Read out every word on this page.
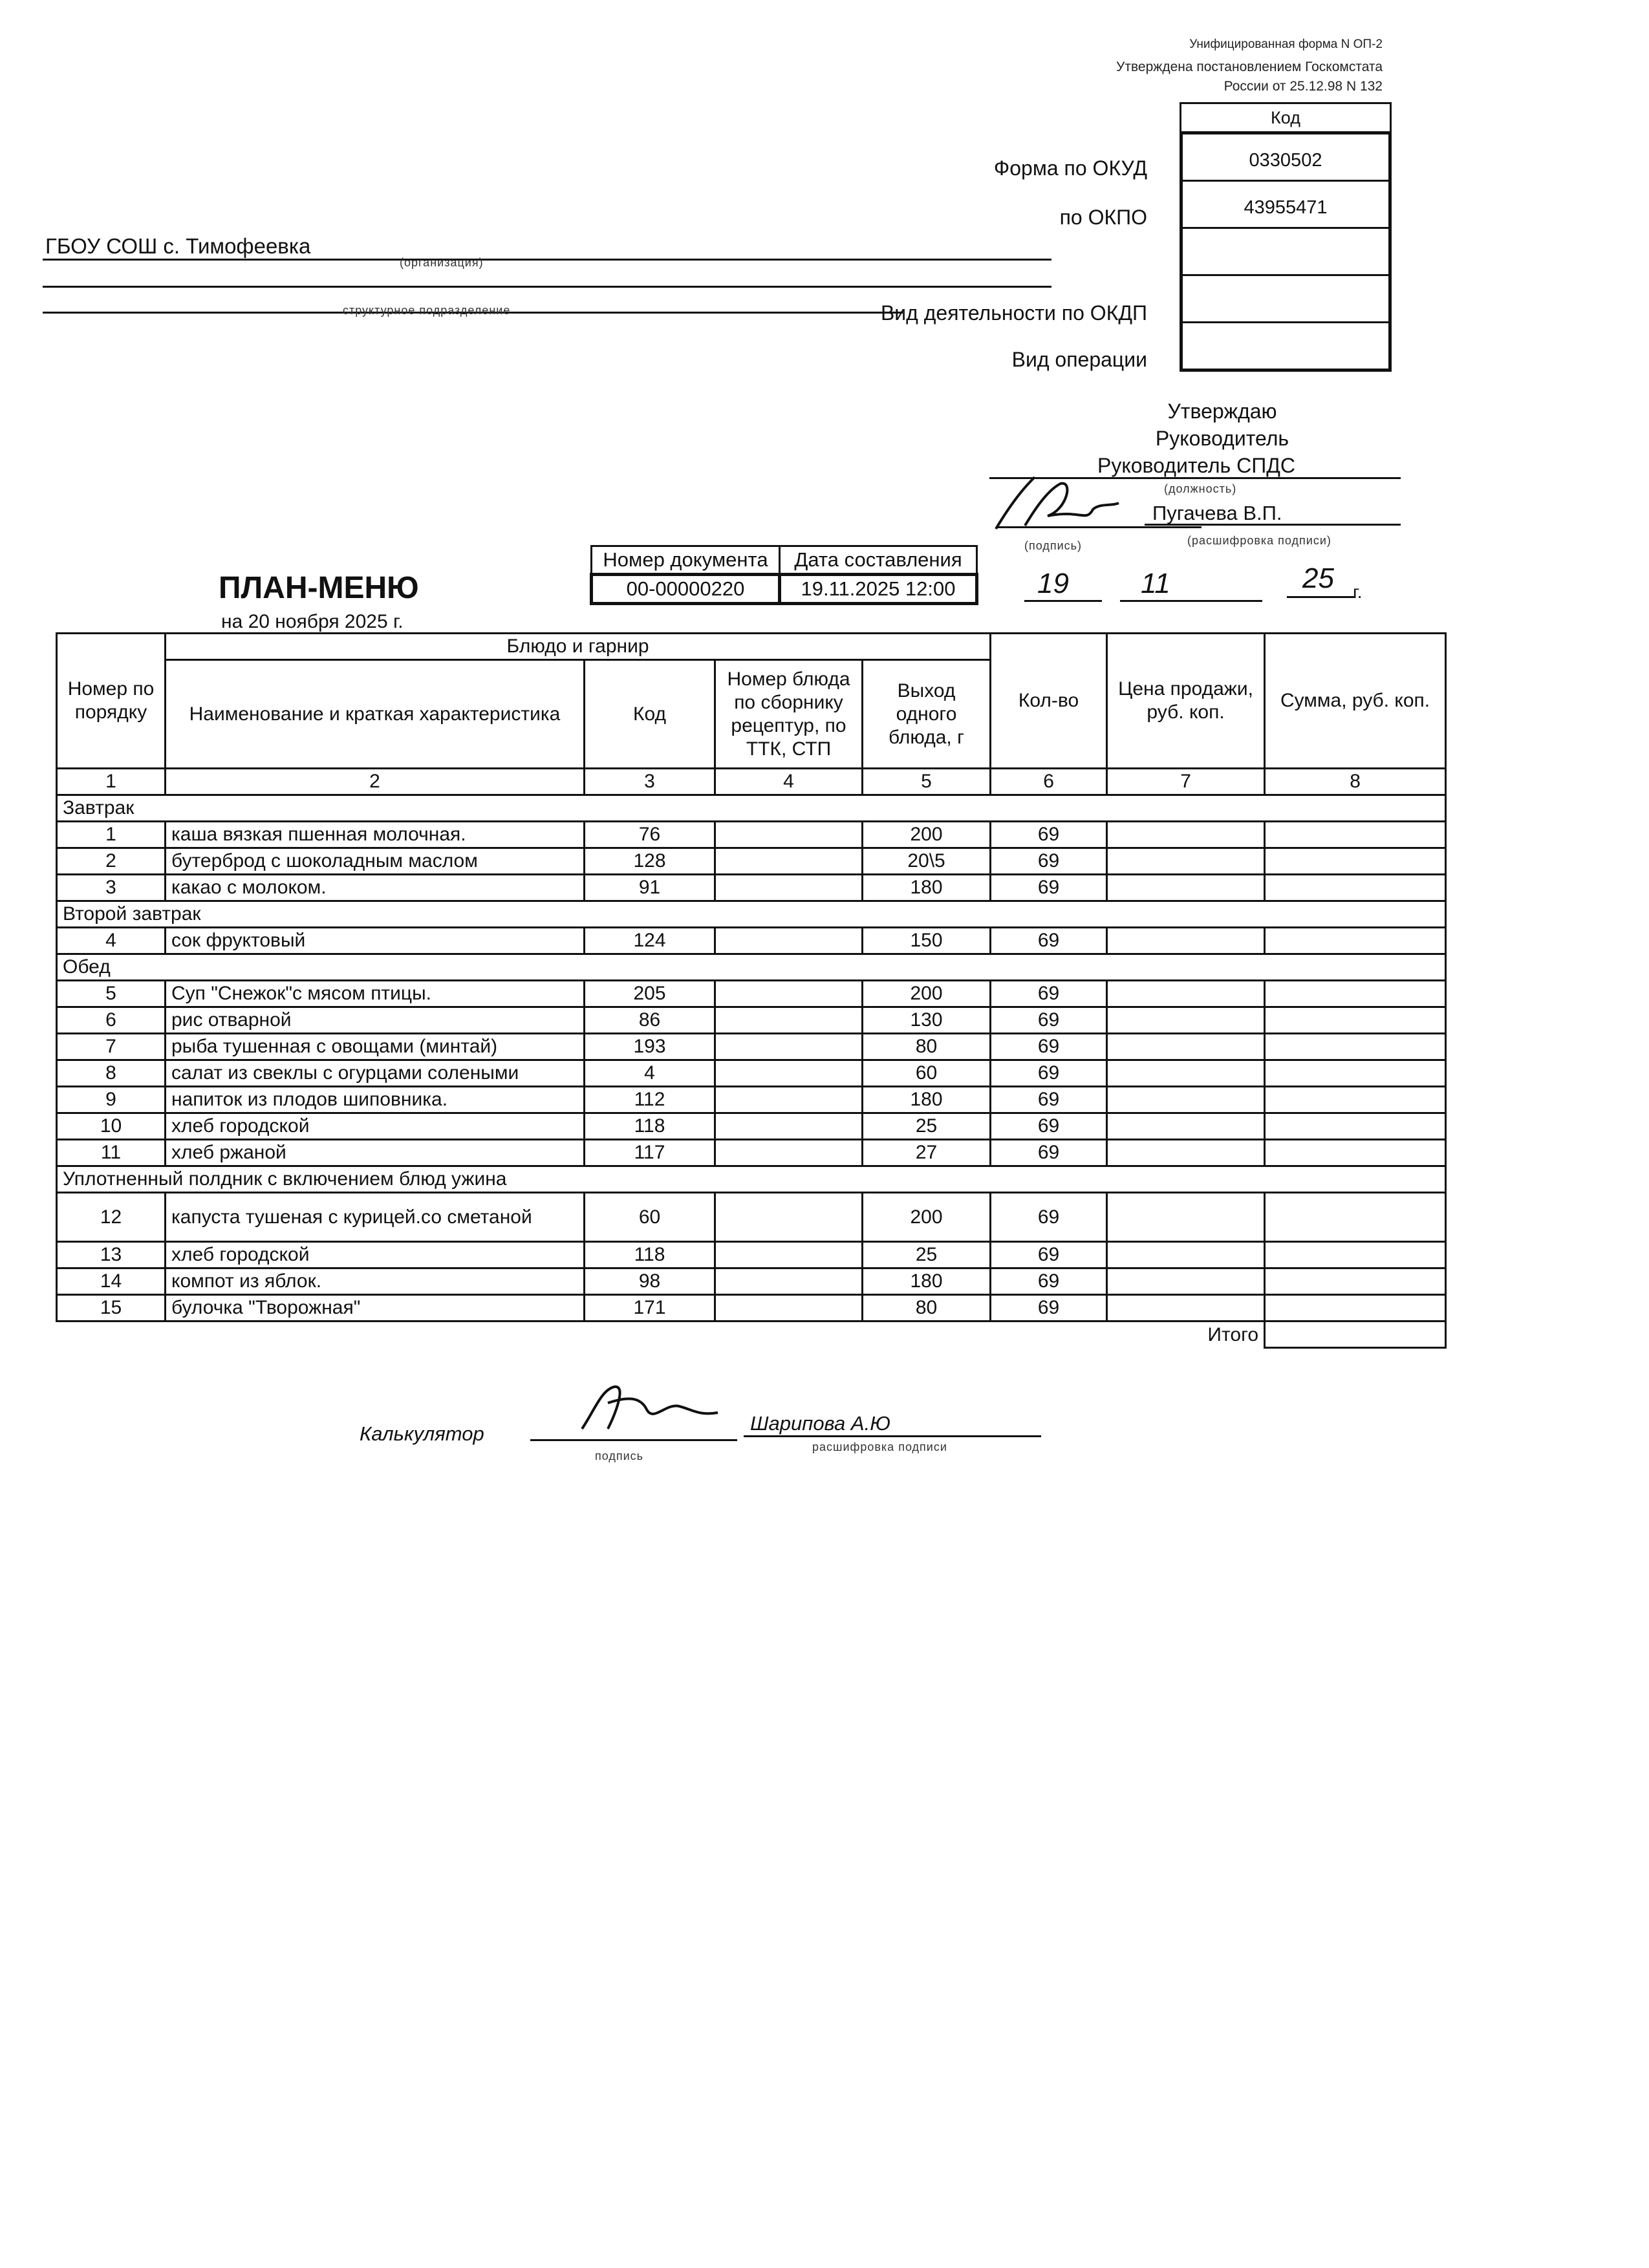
Унифицированная форма N ОП-2
Утверждена постановлением Госкомстата
России от 25.12.98 N 132
Код
0330502
43955471
Форма по ОКУД
по ОКПО
Вид деятельности по ОКДП
Вид операции
ГБОУ СОШ с. Тимофеевка
(организация)
структурное подразделение
Утверждаю
Руководитель
Руководитель СПДС
(должность)
Пугачева В.П.
(подпись)	(расшифровка подписи)
19	11	25 г.
ПЛАН-МЕНЮ
на 20 ноября 2025 г.
Номер документа	Дата составления
00-00000220	19.11.2025 12:00
Номер по порядку	Блюдо и гарнир				Кол-во	Цена продажи, руб. коп.	Сумма, руб. коп.
	Наименование и краткая характеристика	Код	Номер блюда по сборнику рецептур, по ТТК, СТП	Выход одного блюда, г			
1	2	3	4	5	6	7	8
Завтрак							
1	каша вязкая пшенная молочная.	76		200	69		
2	бутерброд с шоколадным маслом	128		20\5	69		
3	какао с молоком.	91		180	69		
Второй завтрак							
4	сок фруктовый	124		150	69		
Обед							
5	Суп "Снежок"с мясом птицы.	205		200	69		
6	рис отварной	86		130	69		
7	рыба тушенная с овощами (минтай)	193		80	69		
8	салат из свеклы с огурцами солеными	4		60	69		
9	напиток из плодов шиповника.	112		180	69		
10	хлеб городской	118		25	69		
11	хлеб ржаной	117		27	69		
Уплотненный полдник с включением блюд ужина							
12	капуста тушеная с курицей.со сметаной	60		200	69		
13	хлеб городской	118		25	69		
14	компот из яблок.	98		180	69		
15	булочка "Творожная"	171		80	69		
Итого							
Калькулятор	Шарипова А.Ю
подпись
расшифровка подписи
